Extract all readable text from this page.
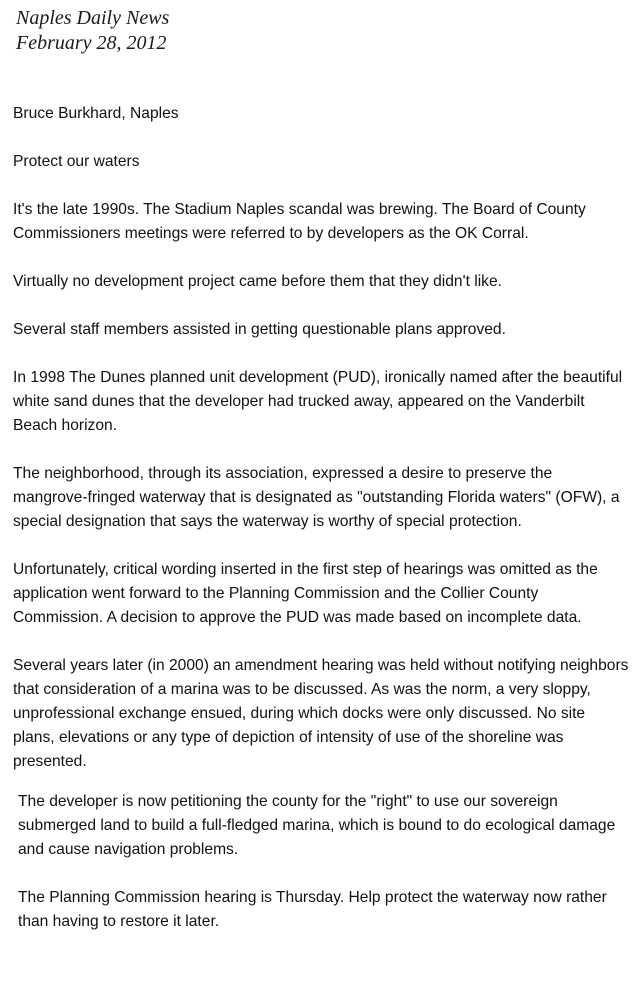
Naples Daily News
February 28, 2012

Bruce Burkhard, Naples

Protect our waters

It's the late 1990s. The Stadium Naples scandal was brewing. The Board of County Commissioners meetings were referred to by developers as the OK Corral.

Virtually no development project came before them that they didn't like.

Several staff members assisted in getting questionable plans approved.

In 1998 The Dunes planned unit development (PUD), ironically named after the beautiful white sand dunes that the developer had trucked away, appeared on the Vanderbilt Beach horizon.

The neighborhood, through its association, expressed a desire to preserve the mangrove-fringed waterway that is designated as "outstanding Florida waters" (OFW), a special designation that says the waterway is worthy of special protection.

Unfortunately, critical wording inserted in the first step of hearings was omitted as the application went forward to the Planning Commission and the Collier County Commission. A decision to approve the PUD was made based on incomplete data.

Several years later (in 2000) an amendment hearing was held without notifying neighbors that consideration of a marina was to be discussed. As was the norm, a very sloppy, unprofessional exchange ensued, during which docks were only discussed. No site plans, elevations or any type of depiction of intensity of use of the shoreline was presented.

The developer is now petitioning the county for the "right" to use our sovereign submerged land to build a full-fledged marina, which is bound to do ecological damage and cause navigation problems.

The Planning Commission hearing is Thursday. Help protect the waterway now rather than having to restore it later.
